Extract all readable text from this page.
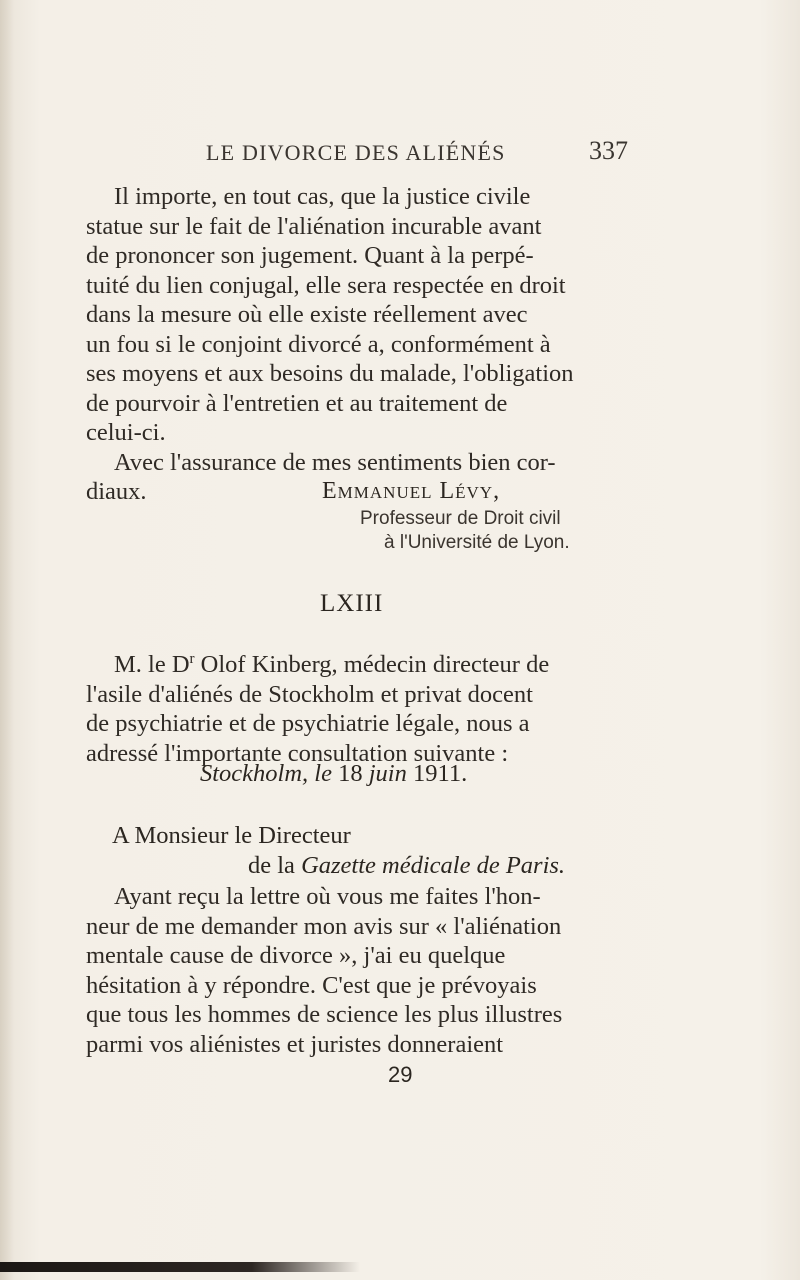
LE DIVORCE DES ALIÉNÉS	337
Il importe, en tout cas, que la justice civile
statue sur le fait de l'aliénation incurable avant
de prononcer son jugement. Quant à la perpé-
tuité du lien conjugal, elle sera respectée en droit
dans la mesure où elle existe réellement avec
un fou si le conjoint divorcé a, conformément à
ses moyens et aux besoins du malade, l'obligation
de pourvoir à l'entretien et au traitement de
celui-ci.
Avec l'assurance de mes sentiments bien cor-
diaux.	Emmanuel Lévy,
Professeur de Droit civil
à l'Université de Lyon.
LXIII
M. le $D^r$ Olof Kinberg, médecin directeur de
l'asile d'aliénés de Stockholm et privat docent
de psychiatrie et de psychiatrie légale, nous a
adressé l'importante consultation suivante :
Stockholm, le 18 juin 1911.
A Monsieur le Directeur
de la Gazette médicale de Paris.
Ayant reçu la lettre où vous me faites l'hon-
neur de me demander mon avis sur « l'aliénation
mentale cause de divorce », j'ai eu quelque
hésitation à y répondre. C'est que je prévoyais
que tous les hommes de science les plus illustres
parmi vos aliénistes et juristes donneraient
29
